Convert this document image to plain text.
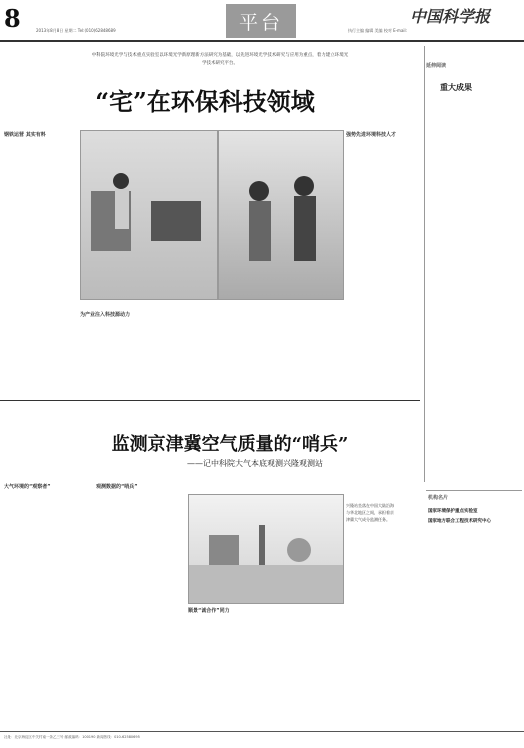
8	2013年8月8日 星期二 Tel:(010)62848689	平台	中国科学报
执行主编 编辑 美编 校对 E-mail:
中科院环境光学与技术重点实验室以环境光学新原理新方法研究为基础，以先进环境光学技术研究与应用为重点，着力建立环境光学技术研究平台。
“宅”在环保科技领域
钢铁运营 其实有料
为产业注入科技源动力
强势先进环境科技人才
延伸阅读
重大成果
监测京津冀空气质量的“哨兵”
——记中科院大气本底观测兴隆观测站
大气环境的“观察者”	观测数据的“哨兵”
兴隆站坐落在中国大陆沿海与华北地区之间，承担着京津冀大气成分监测任务。
顺景“诚合作”同力
机构名片
国家环境保护重点实验室
国家地方联合工程技术研究中心
社址：北京海淀区中关村南一条乙三号 邮政编码：100190 新闻热线：010-62580695
